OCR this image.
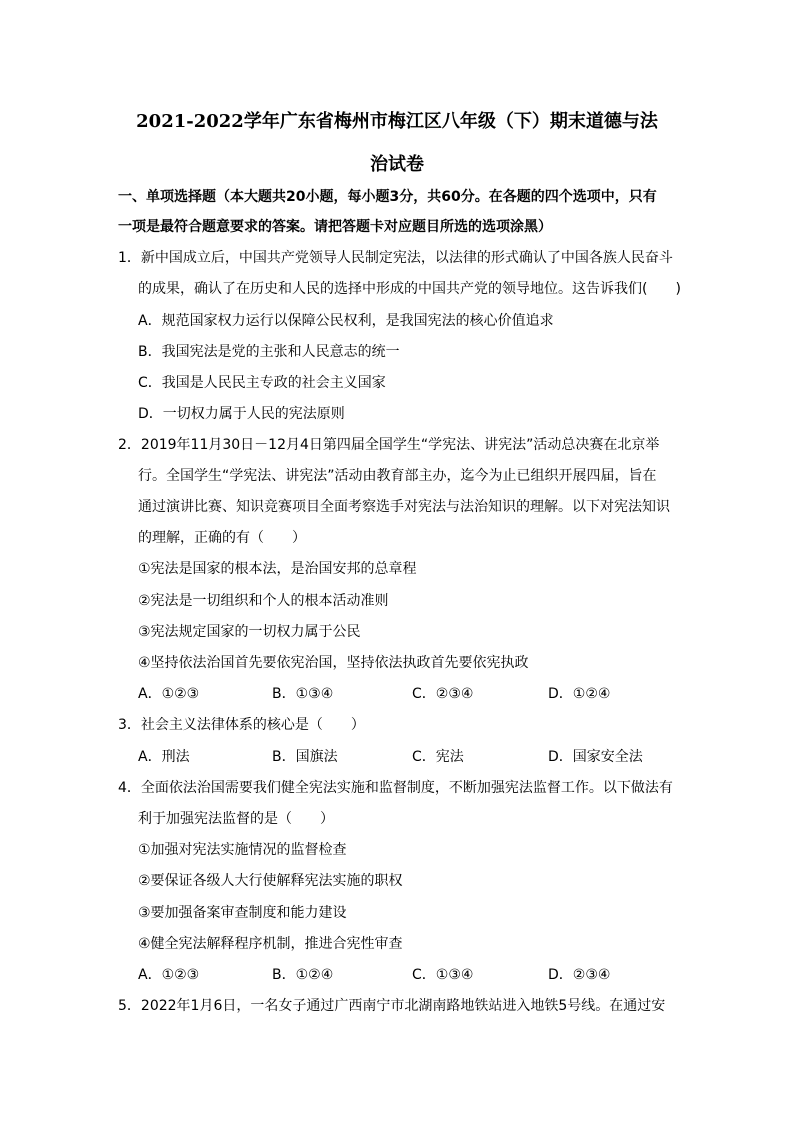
2021-2022学年广东省梅州市梅江区八年级（下）期末道德与法
治试卷
一、单项选择题（本大题共20小题，每小题3分，共60分。在各题的四个选项中，只有
一项是最符合题意要求的答案。请把答题卡对应题目所选的选项涂黑）
1．新中国成立后，中国共产党领导人民制定宪法，以法律的形式确认了中国各族人民奋斗
的成果，确认了在历史和人民的选择中形成的中国共产党的领导地位。这告诉我们(　　)
A．规范国家权力运行以保障公民权利，是我国宪法的核心价值追求
B．我国宪法是党的主张和人民意志的统一
C．我国是人民民主专政的社会主义国家
D．一切权力属于人民的宪法原则
2．2019年11月30日－12月4日第四届全国学生“学宪法、讲宪法”活动总决赛在北京举
行。全国学生“学宪法、讲宪法”活动由教育部主办，迄今为止已组织开展四届，旨在
通过演讲比赛、知识竞赛项目全面考察选手对宪法与法治知识的理解。以下对宪法知识
的理解，正确的有（　　）
①宪法是国家的根本法，是治国安邦的总章程
②宪法是一切组织和个人的根本活动准则
③宪法规定国家的一切权力属于公民
④坚持依法治国首先要依宪治国，坚持依法执政首先要依宪执政
A．①②③	B．①③④	C．②③④	D．①②④
3．社会主义法律体系的核心是（　　）
A．刑法	B．国旗法	C．宪法	D．国家安全法
4．全面依法治国需要我们健全宪法实施和监督制度，不断加强宪法监督工作。以下做法有
利于加强宪法监督的是（　　）
①加强对宪法实施情况的监督检查
②要保证各级人大行使解释宪法实施的职权
③要加强备案审查制度和能力建设
④健全宪法解释程序机制，推进合宪性审查
A．①②③	B．①②④	C．①③④	D．②③④
5．2022年1月6日，一名女子通过广西南宁市北湖南路地铁站进入地铁5号线。在通过安
